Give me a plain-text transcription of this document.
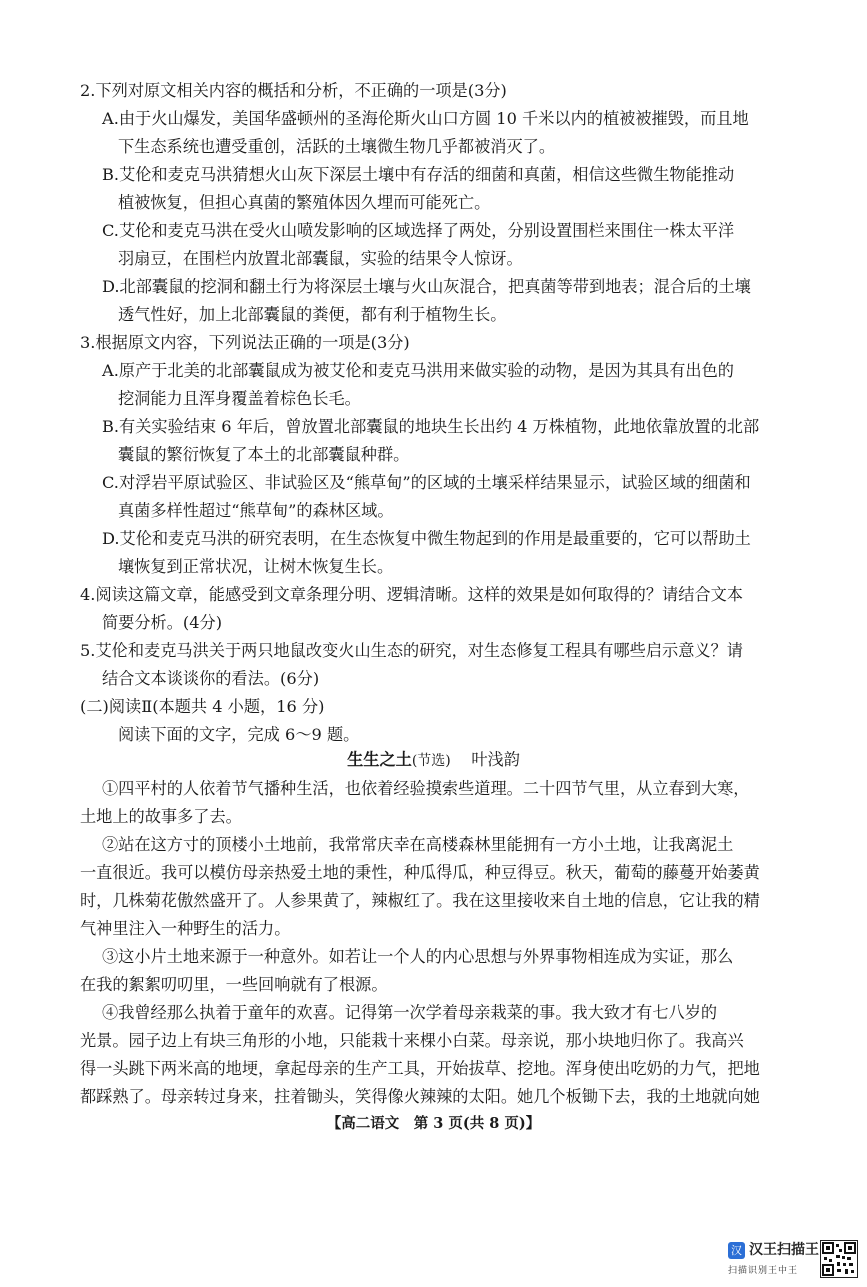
2.下列对原文相关内容的概括和分析，不正确的一项是(3分)
A.由于火山爆发，美国华盛顿州的圣海伦斯火山口方圆 10 千米以内的植被被摧毁，而且地
下生态系统也遭受重创，活跃的土壤微生物几乎都被消灭了。
B.艾伦和麦克马洪猜想火山灰下深层土壤中有存活的细菌和真菌，相信这些微生物能推动
植被恢复，但担心真菌的繁殖体因久埋而可能死亡。
C.艾伦和麦克马洪在受火山喷发影响的区域选择了两处，分别设置围栏来围住一株太平洋
羽扇豆，在围栏内放置北部囊鼠，实验的结果令人惊讶。
D.北部囊鼠的挖洞和翻土行为将深层土壤与火山灰混合，把真菌等带到地表；混合后的土壤
透气性好，加上北部囊鼠的粪便，都有利于植物生长。
3.根据原文内容，下列说法正确的一项是(3分)
A.原产于北美的北部囊鼠成为被艾伦和麦克马洪用来做实验的动物，是因为其具有出色的
挖洞能力且浑身覆盖着棕色长毛。
B.有关实验结束 6 年后，曾放置北部囊鼠的地块生长出约 4 万株植物，此地依靠放置的北部
囊鼠的繁衍恢复了本土的北部囊鼠种群。
C.对浮岩平原试验区、非试验区及“熊草甸”的区域的土壤采样结果显示，试验区域的细菌和
真菌多样性超过“熊草甸”的森林区域。
D.艾伦和麦克马洪的研究表明，在生态恢复中微生物起到的作用是最重要的，它可以帮助土
壤恢复到正常状况，让树木恢复生长。
4.阅读这篇文章，能感受到文章条理分明、逻辑清晰。这样的效果是如何取得的？请结合文本
简要分析。(4分)
5.艾伦和麦克马洪关于两只地鼠改变火山生态的研究，对生态修复工程具有哪些启示意义？请
结合文本谈谈你的看法。(6分)
(二)阅读Ⅱ(本题共 4 小题，16 分)
阅读下面的文字，完成 6～9 题。
生生之土(节选) 叶浅韵
①四平村的人依着节气播种生活，也依着经验摸索些道理。二十四节气里，从立春到大寒，
土地上的故事多了去。
②站在这方寸的顶楼小土地前，我常常庆幸在高楼森林里能拥有一方小土地，让我离泥土
一直很近。我可以模仿母亲热爱土地的秉性，种瓜得瓜，种豆得豆。秋天，葡萄的藤蔓开始萎黄
时，几株菊花傲然盛开了。人参果黄了，辣椒红了。我在这里接收来自土地的信息，它让我的精
气神里注入一种野生的活力。
③这小片土地来源于一种意外。如若让一个人的内心思想与外界事物相连成为实证，那么
在我的絮絮叨叨里，一些回响就有了根源。
④我曾经那么执着于童年的欢喜。记得第一次学着母亲栽菜的事。我大致才有七八岁的
光景。园子边上有块三角形的小地，只能栽十来棵小白菜。母亲说，那小块地归你了。我高兴
得一头跳下两米高的地埂，拿起母亲的生产工具，开始拔草、挖地。浑身使出吃奶的力气，把地
都踩熟了。母亲转过身来，拄着锄头，笑得像火辣辣的太阳。她几个板锄下去，我的土地就向她
【高二语文　第 3 页(共 8 页)】
汉 汉王扫描王
扫描识别王中王
